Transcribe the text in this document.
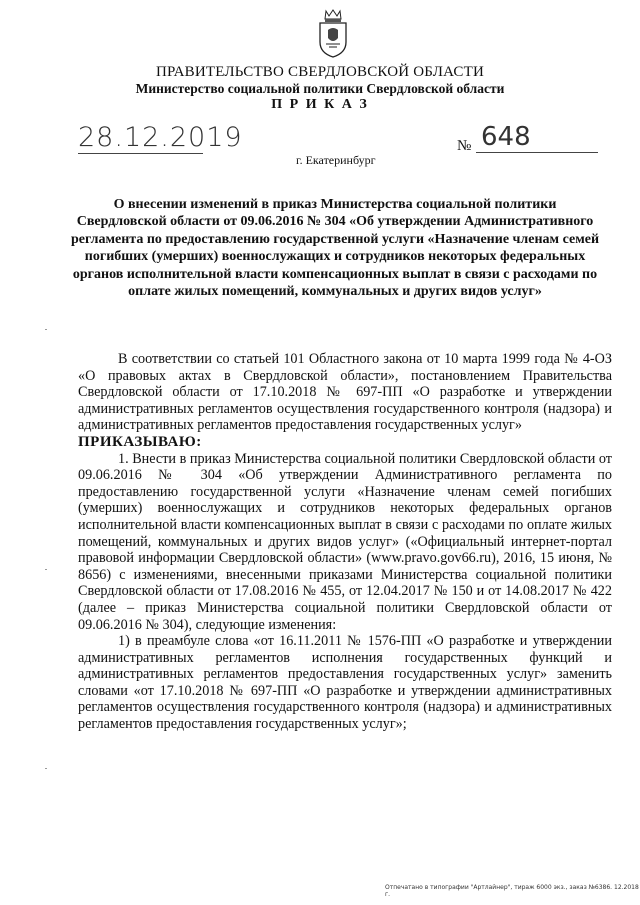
ПРАВИТЕЛЬСТВО СВЕРДЛОВСКОЙ ОБЛАСТИ
Министерство социальной политики Свердловской области
П Р И К А З
28.12.2019	№ 648
г. Екатеринбург
О внесении изменений в приказ Министерства социальной политики Свердловской области от 09.06.2016 № 304 «Об утверждении Административного регламента по предоставлению государственной услуги «Назначение членам семей погибших (умерших) военнослужащих и сотрудников некоторых федеральных органов исполнительной власти компенсационных выплат в связи с расходами по оплате жилых помещений, коммунальных и других видов услуг»

В соответствии со статьей 101 Областного закона от 10 марта 1999 года № 4-ОЗ «О правовых актах в Свердловской области», постановлением Правительства Свердловской области от 17.10.2018 № 697-ПП «О разработке и утверждении административных регламентов осуществления государственного контроля (надзора) и административных регламентов предоставления государственных услуг»

ПРИКАЗЫВАЮ:

1. Внести в приказ Министерства социальной политики Свердловской области от 09.06.2016 № 304 «Об утверждении Административного регламента по предоставлению государственной услуги «Назначение членам семей погибших (умерших) военнослужащих и сотрудников некоторых федеральных органов исполнительной власти компенсационных выплат в связи с расходами по оплате жилых помещений, коммунальных и других видов услуг» («Официальный интернет-портал правовой информации Свердловской области» (www.pravo.gov66.ru), 2016, 15 июня, № 8656) с изменениями, внесенными приказами Министерства социальной политики Свердловской области от 17.08.2016 № 455, от 12.04.2017 № 150 и от 14.08.2017 № 422 (далее – приказ Министерства социальной политики Свердловской области от 09.06.2016 № 304), следующие изменения:

1) в преамбуле слова «от 16.11.2011 № 1576-ПП «О разработке и утверждении административных регламентов исполнения государственных функций и административных регламентов предоставления государственных услуг» заменить словами «от 17.10.2018 № 697-ПП «О разработке и утверждении административных регламентов осуществления государственного контроля (надзора) и административных регламентов предоставления государственных услуг»;

Отпечатано в типографии "Артлайнер", тираж 6000 экз., заказ №6386. 12.2018 г.
